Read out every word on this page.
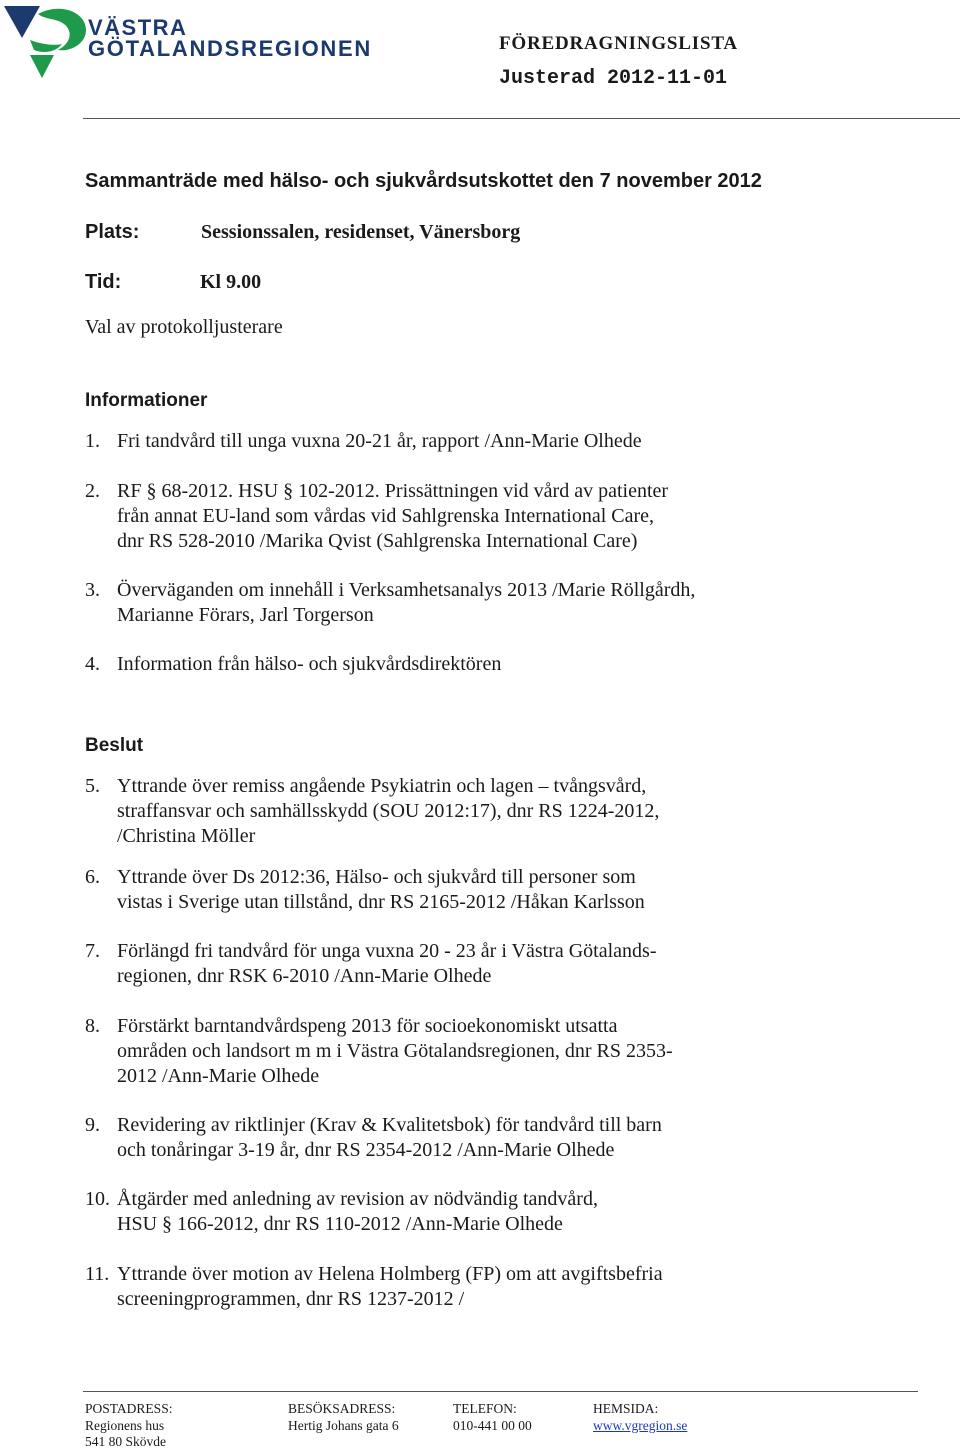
VÄSTRA
GÖTALANDSREGIONEN	FÖREDRAGNINGSLISTA
Justerad 2012-11-01
Sammanträde med hälso- och sjukvårdsutskottet den 7 november 2012
Plats:	Sessionssalen, residenset, Vänersborg
Tid:	Kl 9.00
Val av protokolljusterare
Informationer
1. Fri tandvård till unga vuxna 20-21 år, rapport /Ann-Marie Olhede
2. RF § 68-2012. HSU § 102-2012. Prissättningen vid vård av patienter
från annat EU-land som vårdas vid Sahlgrenska International Care,
dnr RS 528-2010 /Marika Qvist (Sahlgrenska International Care)
3. Överväganden om innehåll i Verksamhetsanalys 2013 /Marie Röllgårdh,
Marianne Förars, Jarl Torgerson
4. Information från hälso- och sjukvårdsdirektören
Beslut
5. Yttrande över remiss angående Psykiatrin och lagen – tvångsvård,
straffansvar och samhällsskydd (SOU 2012:17), dnr RS 1224-2012,
/Christina Möller
6. Yttrande över Ds 2012:36, Hälso- och sjukvård till personer som
vistas i Sverige utan tillstånd, dnr RS 2165-2012 /Håkan Karlsson
7. Förlängd fri tandvård för unga vuxna 20 - 23 år i Västra Götalands-
regionen, dnr RSK 6-2010 /Ann-Marie Olhede
8. Förstärkt barntandvårdspeng 2013 för socioekonomiskt utsatta
områden och landsort m m i Västra Götalandsregionen, dnr RS 2353-
2012 /Ann-Marie Olhede
9. Revidering av riktlinjer (Krav & Kvalitetsbok) för tandvård till barn
och tonåringar 3-19 år, dnr RS 2354-2012 /Ann-Marie Olhede
10. Åtgärder med anledning av revision av nödvändig tandvård,
HSU § 166-2012, dnr RS 110-2012 /Ann-Marie Olhede
11. Yttrande över motion av Helena Holmberg (FP) om att avgiftsbefria
screeningprogrammen, dnr RS 1237-2012 /
POSTADRESS:
Regionens hus
541 80 Skövde
BESÖKSADRESS:
Hertig Johans gata 6
TELEFON:
010-441 00 00
HEMSIDA:
www.vgregion.se
